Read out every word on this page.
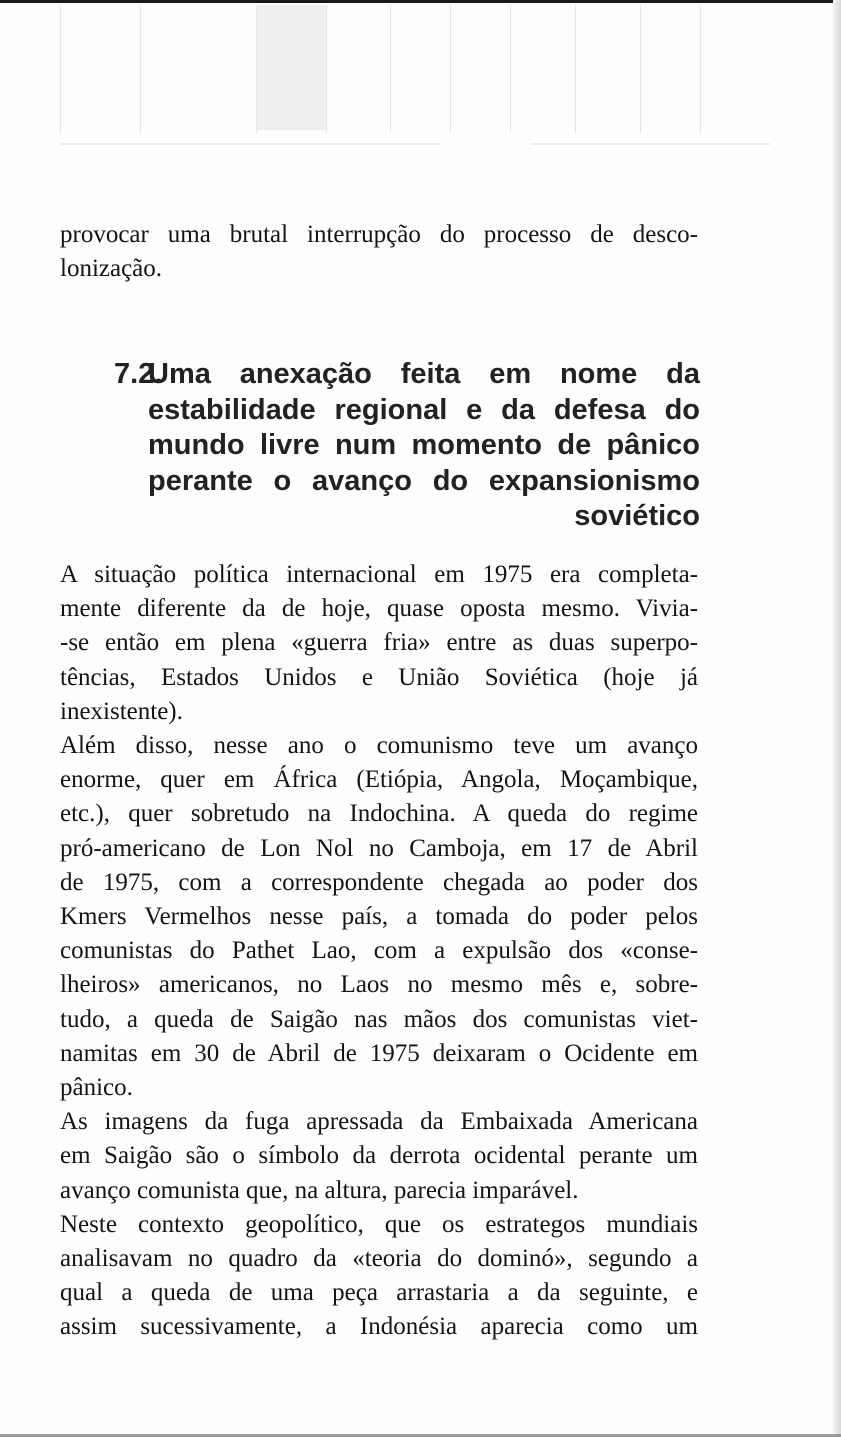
provocar uma brutal interrupção do processo de desco-
lonização.

7.2.
Uma anexação feita em nome da
estabilidade regional e da defesa do
mundo livre num momento de pânico
perante o avanço do expansionismo
soviético

A situação política internacional em 1975 era completa-
mente diferente da de hoje, quase oposta mesmo. Vivia-
-se então em plena «guerra fria» entre as duas superpo-
tências, Estados Unidos e União Soviética (hoje já
inexistente).

Além disso, nesse ano o comunismo teve um avanço
enorme, quer em África (Etiópia, Angola, Moçambique,
etc.), quer sobretudo na Indochina. A queda do regime
pró-americano de Lon Nol no Camboja, em 17 de Abril
de 1975, com a correspondente chegada ao poder dos
Kmers Vermelhos nesse país, a tomada do poder pelos
comunistas do Pathet Lao, com a expulsão dos «conse-
lheiros» americanos, no Laos no mesmo mês e, sobre-
tudo, a queda de Saigão nas mãos dos comunistas viet-
namitas em 30 de Abril de 1975 deixaram o Ocidente em
pânico.

As imagens da fuga apressada da Embaixada Americana
em Saigão são o símbolo da derrota ocidental perante um
avanço comunista que, na altura, parecia imparável.

Neste contexto geopolítico, que os estrategos mundiais
analisavam no quadro da «teoria do dominó», segundo a
qual a queda de uma peça arrastaria a da seguinte, e
assim sucessivamente, a Indonésia aparecia como um
